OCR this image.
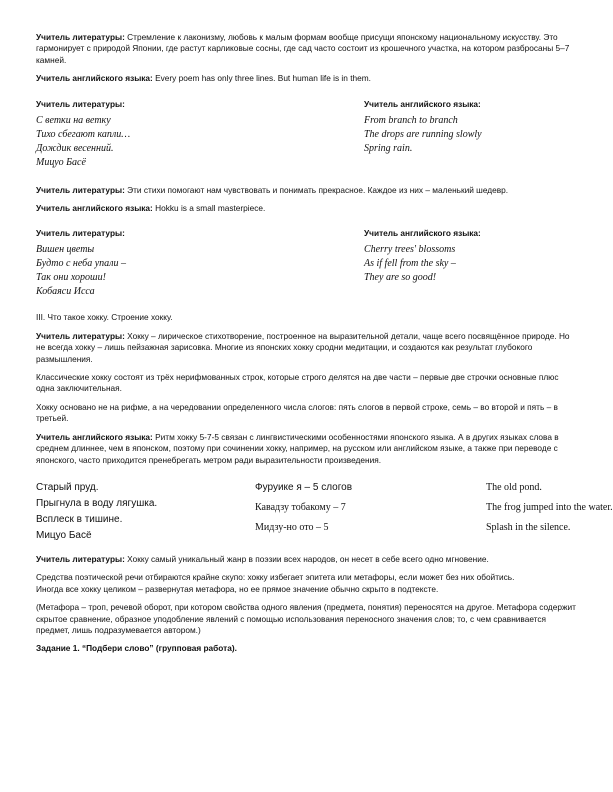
Учитель литературы: Стремление к лаконизму, любовь к малым формам вообще присущи японскому национальному искусству. Это гармонирует с природой Японии, где растут карликовые сосны, где сад часто состоит из крошечного участка, на котором разбросаны 5–7 камней.

Учитель английского языка: Every poem has only three lines. But human life is in them.

Учитель литературы:
С ветки на ветку
Тихо сбегают капли…
Дождик весенний.
Мицуо Басё
Учитель английского языка:
From branch to branch
The drops are running slowly
Spring rain.

Учитель литературы: Эти стихи помогают нам чувствовать и понимать прекрасное. Каждое из них – маленький шедевр.

Учитель английского языка: Hokku is a small masterpiece.

Учитель литературы:
Вишен цветы
Будто с неба упали –
Так они хороши!
Кобаяси Исса
Учитель английского языка:
Cherry trees' blossoms
As if fell from the sky –
They are so good!

III. Что такое хокку. Строение хокку.

Учитель литературы: Хокку – лирическое стихотворение, построенное на выразительной детали, чаще всего посвящённое природе. Но не всегда хокку – лишь пейзажная зарисовка. Многие из японских хокку сродни медитации, и создаются как результат глубокого размышления.

Классические хокку состоят из трёх нерифмованных строк, которые строго делятся на две части – первые две строчки основные плюс одна заключительная.

Хокку основано не на рифме, а на чередовании определенного числа слогов: пять слогов в первой строке, семь – во второй и пять – в третьей.

Учитель английского языка: Ритм хокку 5-7-5 связан с лингвистическими особенностями японского языка. А в других языках слова в среднем длиннее, чем в японском, поэтому при сочинении хокку, например, на русском или английском языке, а также при переводе с японского, часто приходится пренебрегать метром ради выразительности произведения.

Старый пруд.
Прыгнула в воду лягушка.
Всплеск в тишине.
Мицуо Басё
Фуруике я – 5 слогов
Кавадзу тобакому – 7
Мидзу-но ото – 5
The old pond.
The frog jumped into the water.
Splash in the silence.

Учитель литературы: Хокку самый уникальный жанр в поэзии всех народов, он несет в себе всего одно мгновение.

Средства поэтической речи отбираются крайне скупо: хокку избегает эпитета или метафоры, если может без них обойтись.

Иногда все хокку целиком – развернутая метафора, но ее прямое значение обычно скрыто в подтексте.

(Метафора – троп, речевой оборот, при котором свойства одного явления (предмета, понятия) переносятся на другое. Метафора содержит скрытое сравнение, образное уподобление явлений с помощью использования переносного значения слов; то, с чем сравнивается предмет, лишь подразумевается автором.)

Задание 1. “Подбери слово” (групповая работа).
